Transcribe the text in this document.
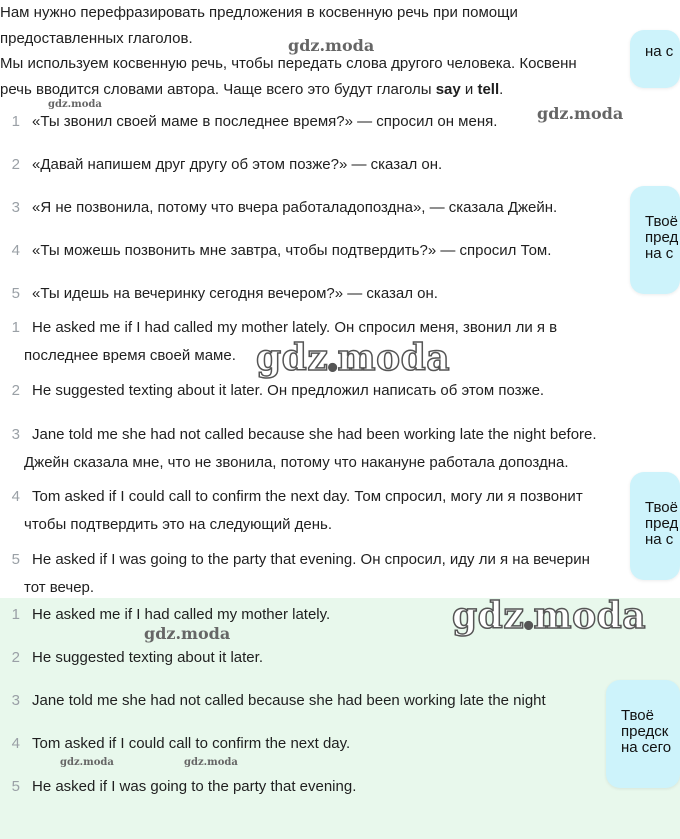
Нам нужно перефразировать предложения в косвенную речь при помощи

предоставленных глаголов.

Мы используем косвенную речь, чтобы передать слова другого человека. Косвенн

речь вводится словами автора. Чаще всего это будут глаголы say и tell.

1 «Ты звонил своей маме в последнее время?» — спросил он меня.
2 «Давай напишем друг другу об этом позже?» — сказал он.
3 «Я не позвонила, потому что вчера работаладопоздна», — сказала Джейн.
4 «Ты можешь позвонить мне завтра, чтобы подтвердить?» — спросил Том.
5 «Ты идешь на вечеринку сегодня вечером?» — сказал он.
1 He asked me if I had called my mother lately. Он спросил меня, звонил ли я в
последнее время своей маме.
2 He suggested texting about it later. Он предложил написать об этом позже.
3 Jane told me she had not called because she had been working late the night before.
Джейн сказала мне, что не звонила, потому что накануне работала допоздна.
4 Tom asked if I could call to confirm the next day. Том спросил, могу ли я позвонит
чтобы подтвердить это на следующий день.
5 He asked if I was going to the party that evening. Он спросил, иду ли я на вечерин
тот вечер.
1 He asked me if I had called my mother lately.
2 He suggested texting about it later.
3 Jane told me she had not called because she had been working late the night
4 Tom asked if I could call to confirm the next day.
5 He asked if I was going to the party that evening.
на с
Твоё
пред
на с
Твоё
пред
на с
Твоё
предск
на сего
gdz.moda
gdz.moda	gdz.moda
gdz●moda
gdz●moda
gdz.moda
gdz.moda	gdz.moda
